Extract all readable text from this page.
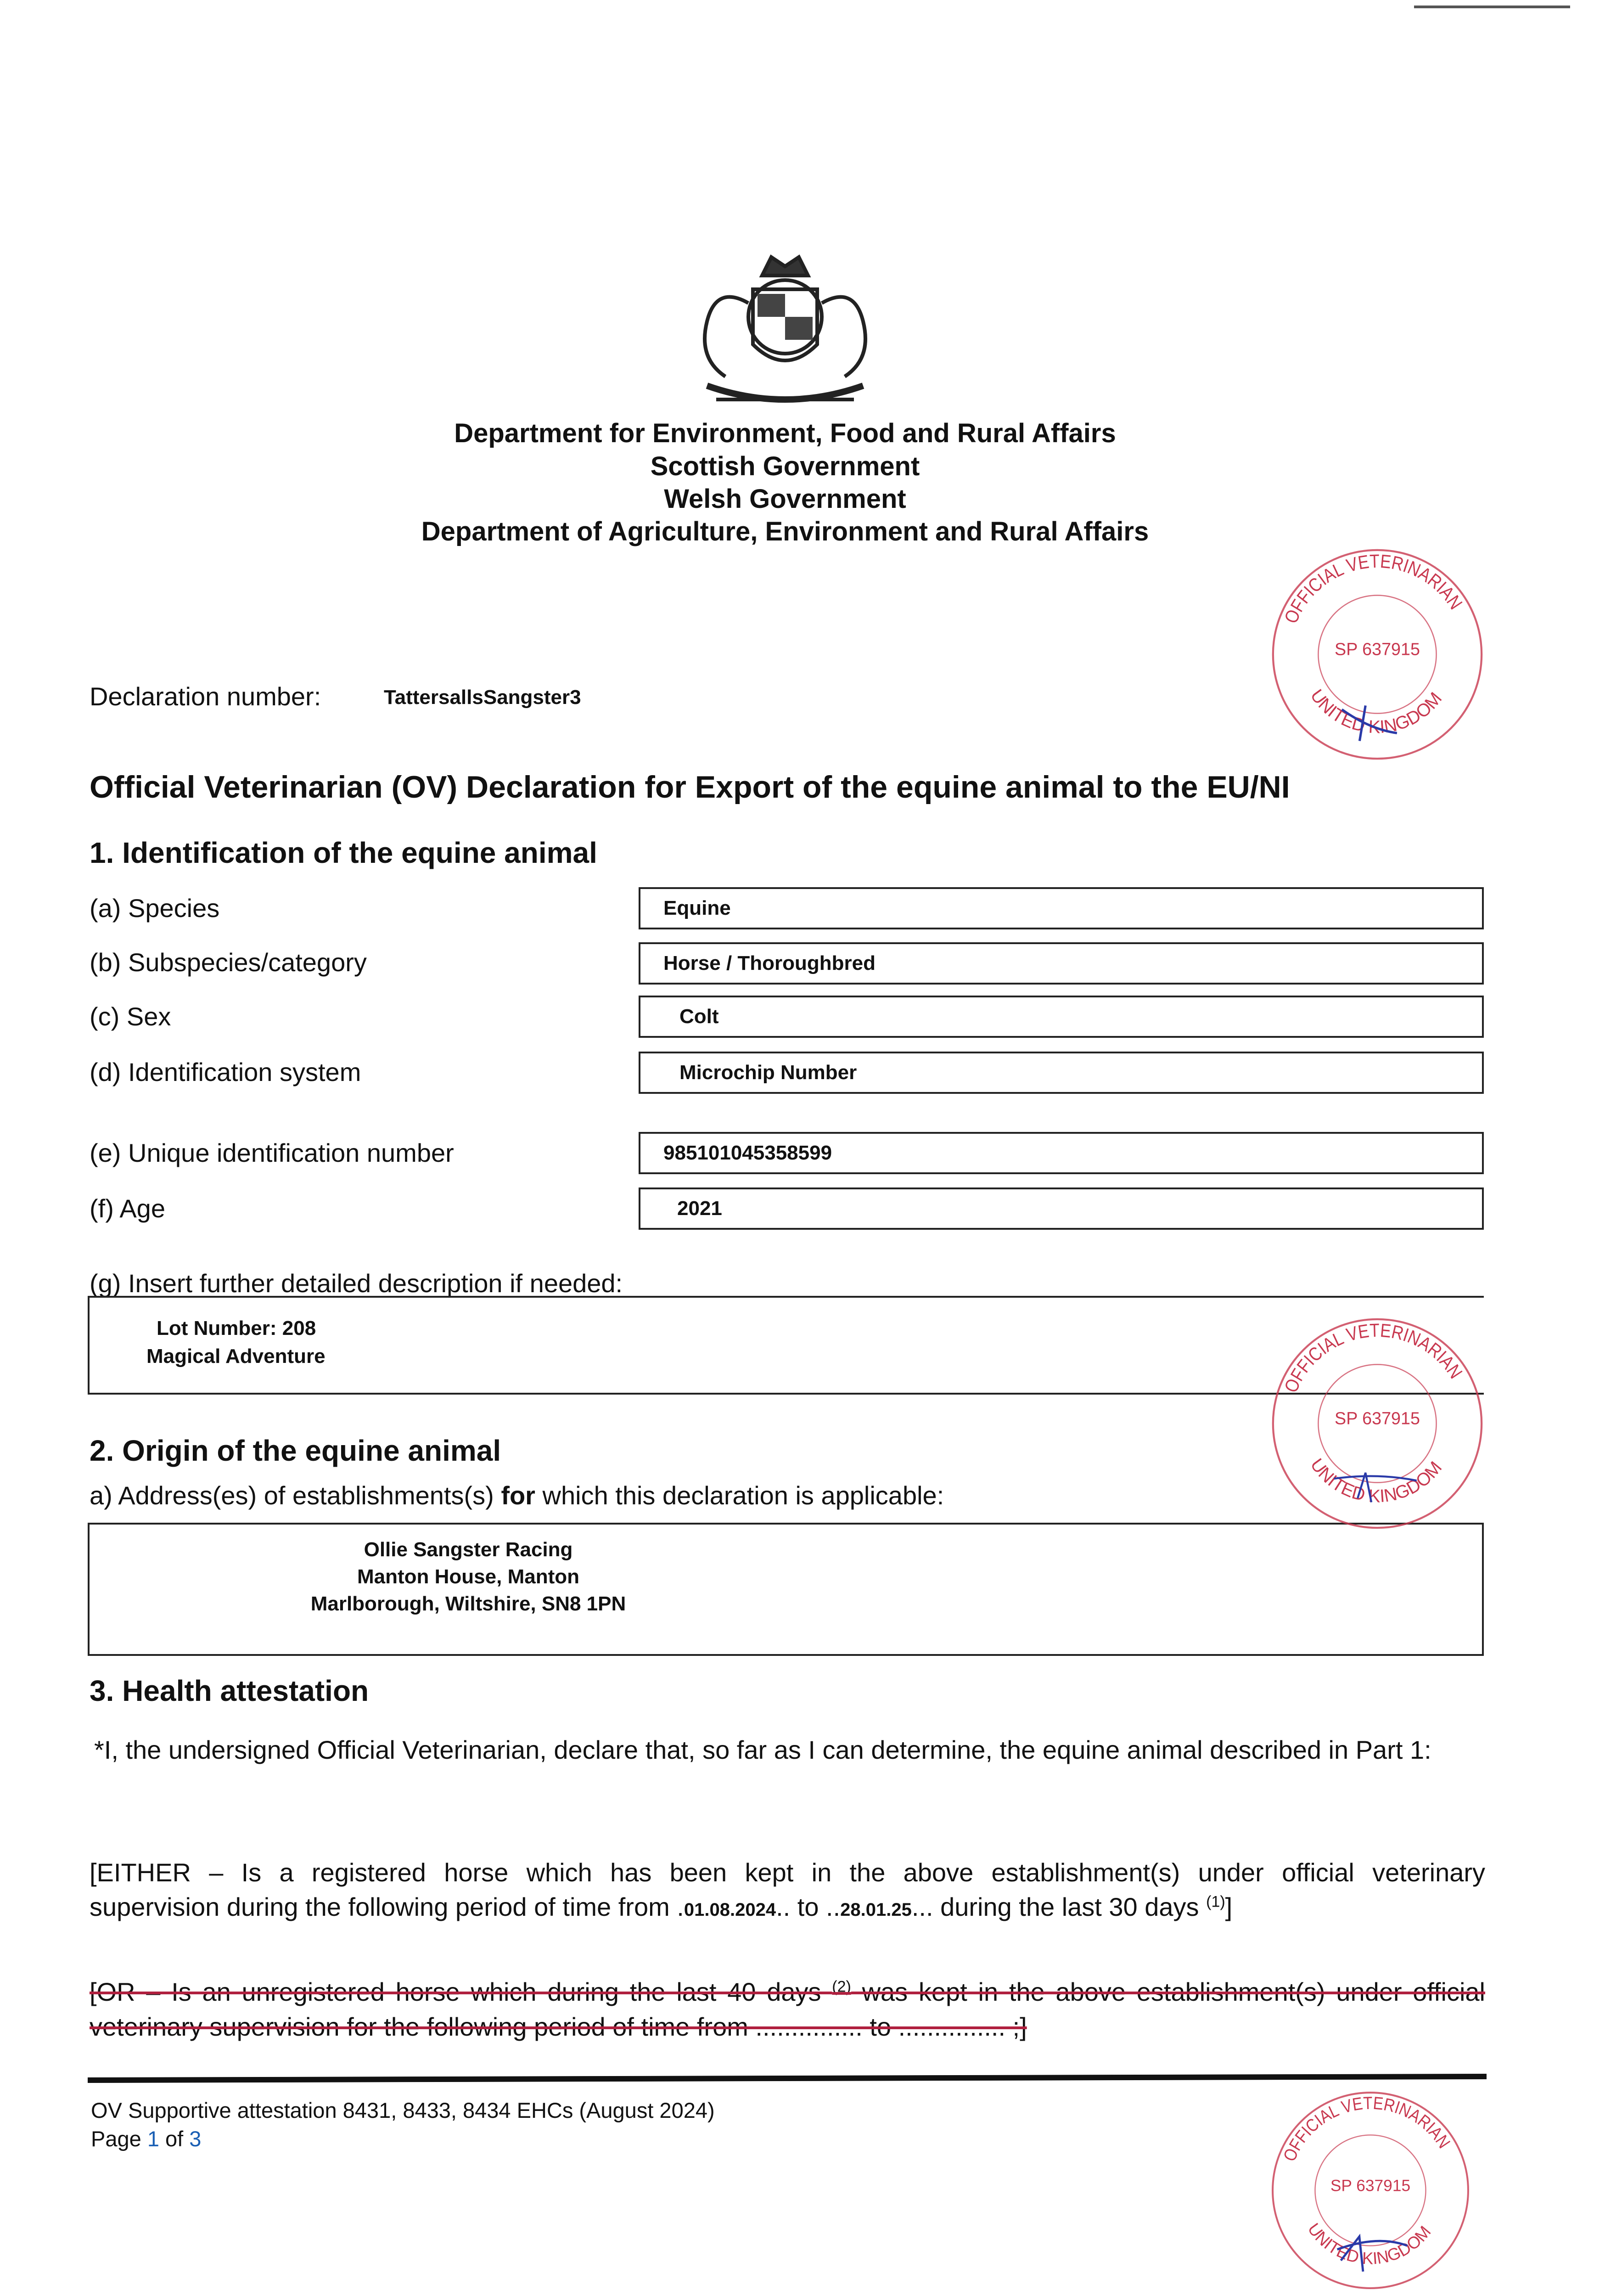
Department for Environment, Food and Rural Affairs
Scottish Government
Welsh Government
Department of Agriculture, Environment and Rural Affairs
Declaration number:	TattersallsSangster3
Official Veterinarian (OV) Declaration for Export of the equine animal to the EU/NI
1. Identification of the equine animal
(a) Species	Equine
(b) Subspecies/category	Horse / Thoroughbred
(c) Sex	Colt
(d) Identification system	Microchip Number
(e) Unique identification number	985101045358599
(f) Age	2021
(g) Insert further detailed description if needed:
Lot Number: 208
Magical Adventure
2. Origin of the equine animal
a) Address(es) of establishments(s) for which this declaration is applicable:
Ollie Sangster Racing
Manton House, Manton
Marlborough, Wiltshire, SN8 1PN
3. Health attestation
*I, the undersigned Official Veterinarian, declare that, so far as I can determine, the equine animal described in Part 1:
[EITHER – Is a registered horse which has been kept in the above establishment(s) under official veterinary
supervision during the following period of time from .01.08.2024.. to ..28.01.25... during the last 30 days $^{(1)}$]
[OR – Is an unregistered horse which during the last 40 days $^{(2)}$ was kept in the above establishment(s) under official
veterinary supervision for the following period of time from ............... to ............... ;]
OV Supportive attestation 8431, 8433, 8434 EHCs (August 2024)
Page 1 of 3
OFFICIAL VETERINARIAN
UNITED KINGDOM
SP 637915
OFFICIAL VETERINARIAN
UNITED KINGDOM
SP 637915
OFFICIAL VETERINARIAN
UNITED KINGDOM
SP 637915
